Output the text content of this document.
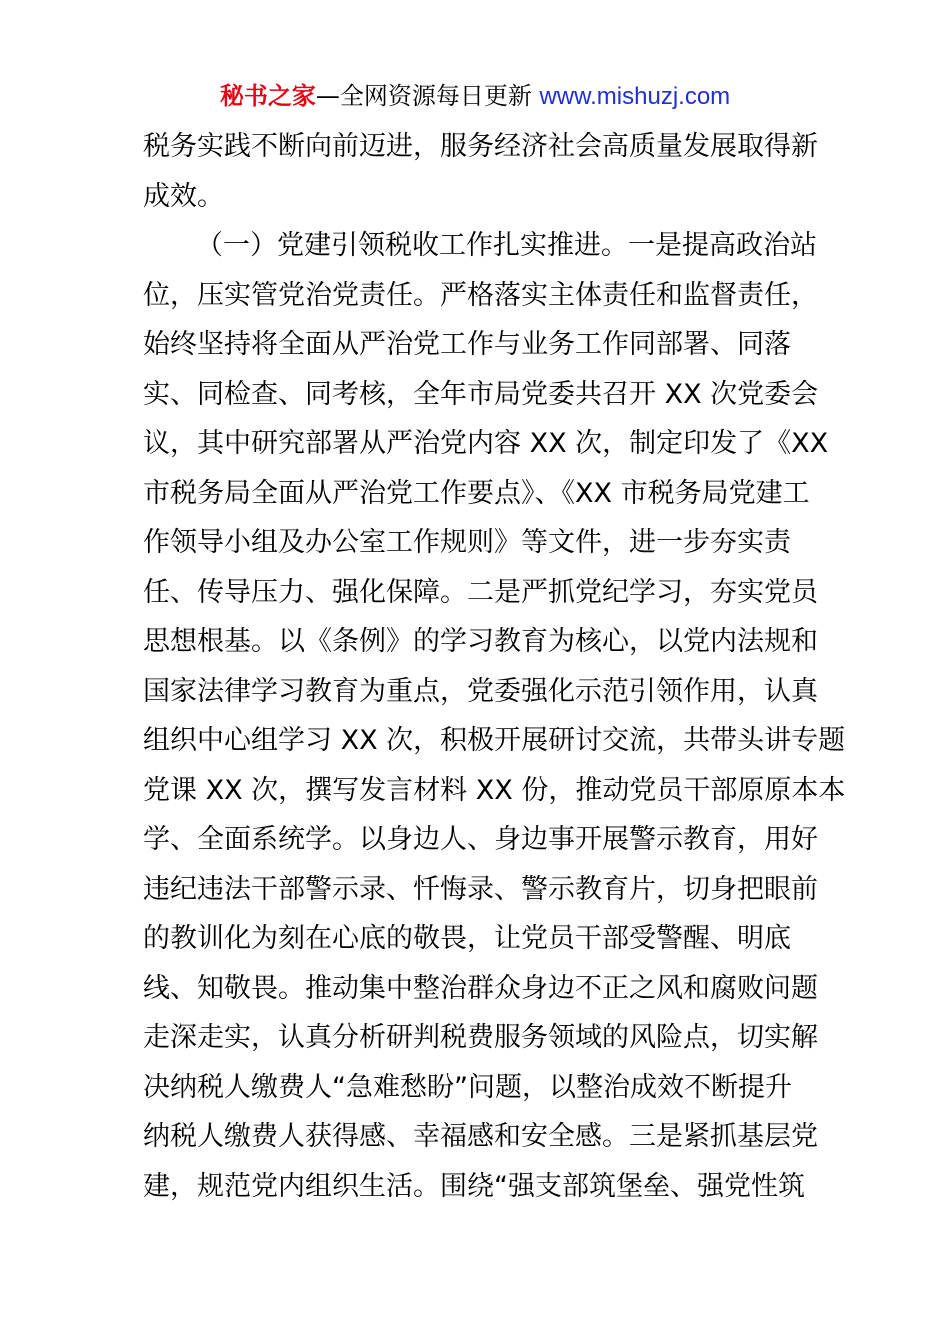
秘书之家—全网资源每日更新 www.mishuzj.com
税务实践不断向前迈进，服务经济社会高质量发展取得新
成效。
（一）党建引领税收工作扎实推进。一是提高政治站
位，压实管党治党责任。严格落实主体责任和监督责任，
始终坚持将全面从严治党工作与业务工作同部署、同落
实、同检查、同考核，全年市局党委共召开 XX 次党委会
议，其中研究部署从严治党内容 XX 次，制定印发了《XX
市税务局全面从严治党工作要点》、《XX 市税务局党建工
作领导小组及办公室工作规则》等文件，进一步夯实责
任、传导压力、强化保障。二是严抓党纪学习，夯实党员
思想根基。以《条例》的学习教育为核心，以党内法规和
国家法律学习教育为重点，党委强化示范引领作用，认真
组织中心组学习 XX 次，积极开展研讨交流，共带头讲专题
党课 XX 次，撰写发言材料 XX 份，推动党员干部原原本本
学、全面系统学。以身边人、身边事开展警示教育，用好
违纪违法干部警示录、忏悔录、警示教育片，切身把眼前
的教训化为刻在心底的敬畏，让党员干部受警醒、明底
线、知敬畏。推动集中整治群众身边不正之风和腐败问题
走深走实，认真分析研判税费服务领域的风险点，切实解
决纳税人缴费人“急难愁盼”问题，以整治成效不断提升
纳税人缴费人获得感、幸福感和安全感。三是紧抓基层党
建，规范党内组织生活。围绕“强支部筑堡垒、强党性筑
